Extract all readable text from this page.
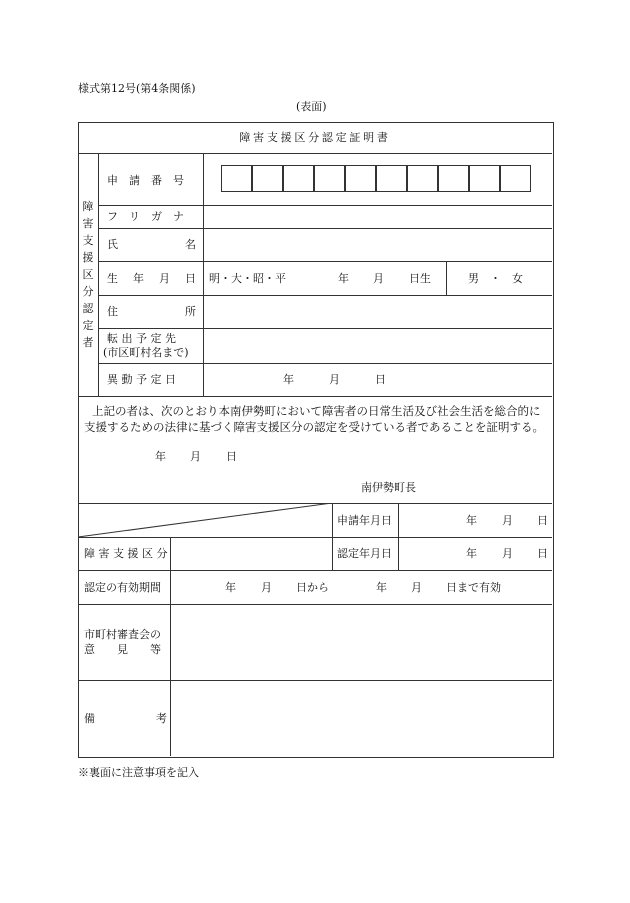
様式第12号(第4条関係)
(表面)
障害支援区分認定証明書
障
害
支
援
区
分
認
定
者
申　請　番　号
フ　リ　ガ　ナ
氏	名
生 年 月 日 明・大・昭・平	年 月 日生	男　・　女
住	所
転 出 予 定 先
(市区町村名まで)
異 動 予 定 日	年	月	日
上記の者は、次のとおり本南伊勢町において障害者の日常生活及び社会生活を総合的に
支援するための法律に基づく障害支援区分の認定を受けている者であることを証明する。
年 月 日
南伊勢町長
申請年月日	年 月 日
障 害 支 援 区 分	認定年月日	年 月 日
認定の有効期間	年 月 日から	年 月 日まで有効
市町村審査会の
意　　見　　等
備	考
※裏面に注意事項を記入
